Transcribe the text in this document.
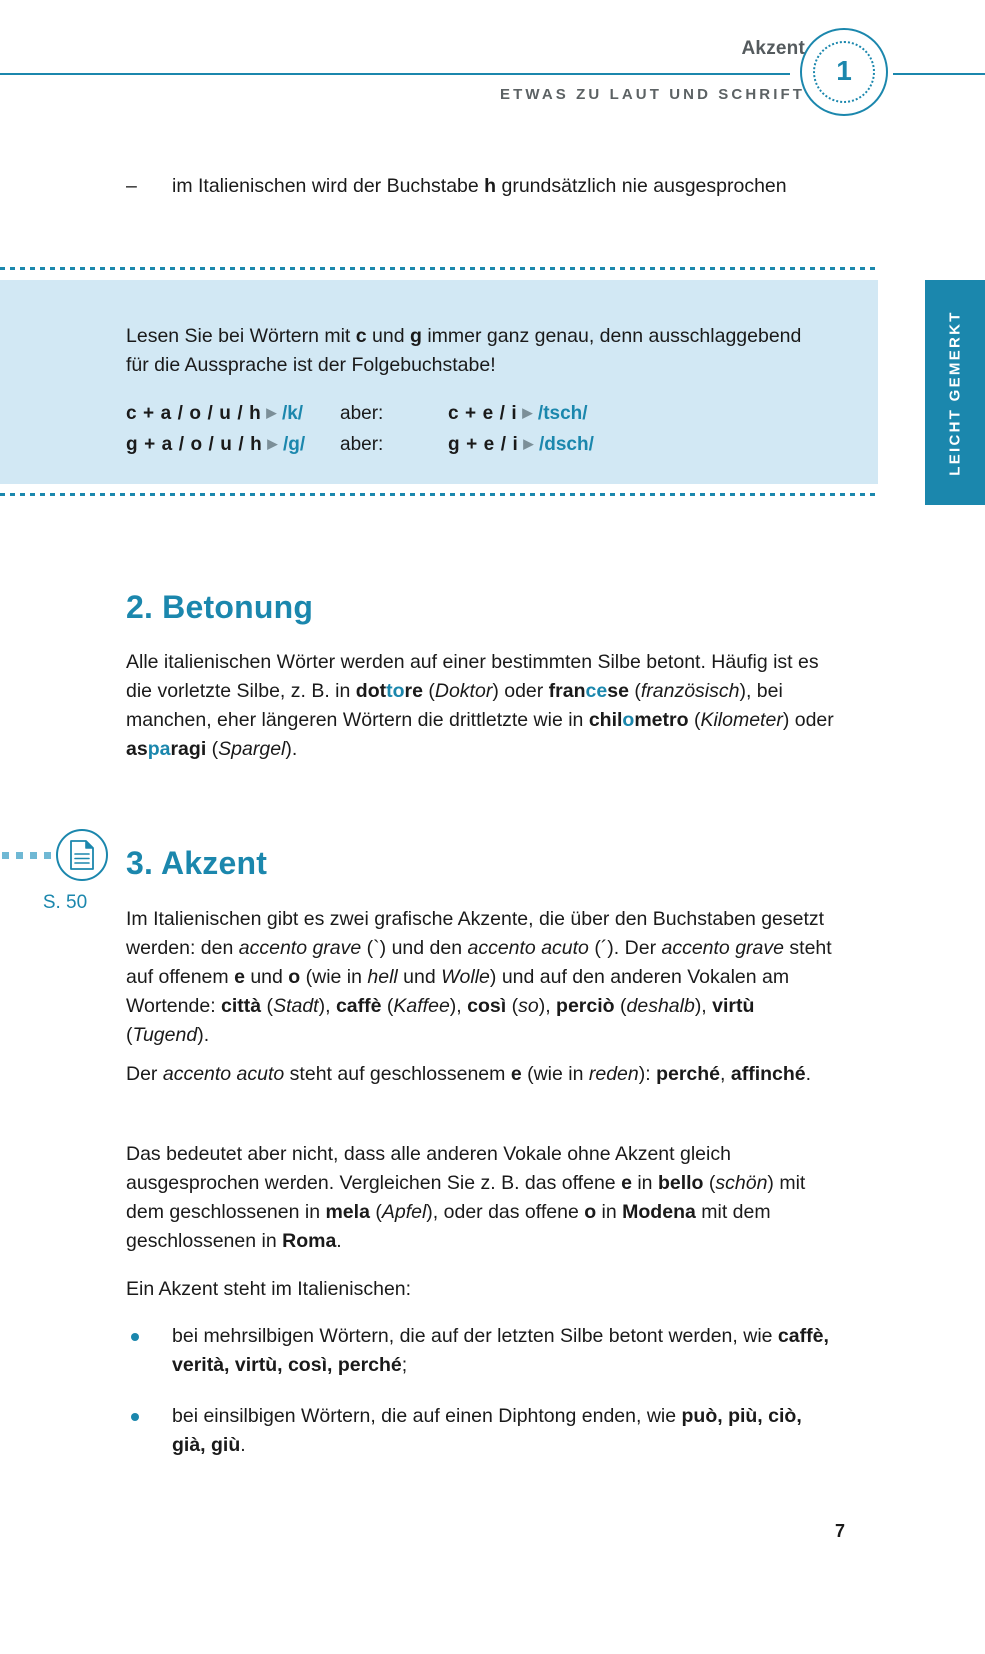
Akzent
ETWAS ZU LAUT UND SCHRIFT
1
– im Italienischen wird der Buchstabe h grundsätzlich nie ausgesprochen
Lesen Sie bei Wörtern mit c und g immer ganz genau, denn ausschlaggebend für die Aussprache ist der Folgebuchstabe!
c + a / o / u / h ▶ /k/	aber:	c + e / i ▶ /tsch/
g + a / o / u / h ▶ /g/	aber:	g + e / i ▶ /dsch/	LEICHT GEMERKT
2. Betonung
Alle italienischen Wörter werden auf einer bestimmten Silbe betont. Häufig ist es die vorletzte Silbe, z. B. in dottore (Doktor) oder francese (französisch), bei manchen, eher längeren Wörtern die drittletzte wie in chilometro (Kilometer) oder asparagi (Spargel).
S. 50
3. Akzent
Im Italienischen gibt es zwei grafische Akzente, die über den Buchstaben gesetzt werden: den accento grave (`) und den accento acuto (´). Der accento grave steht auf offenem e und o (wie in hell und Wolle) und auf den anderen Vokalen am Wortende: città (Stadt), caffè (Kaffee), così (so), perciò (deshalb), virtù (Tugend).
Der accento acuto steht auf geschlossenem e (wie in reden): perché, affinché.
Das bedeutet aber nicht, dass alle anderen Vokale ohne Akzent gleich ausgesprochen werden. Vergleichen Sie z. B. das offene e in bello (schön) mit dem geschlossenen in mela (Apfel), oder das offene o in Modena mit dem geschlossenen in Roma.
Ein Akzent steht im Italienischen:
bei mehrsilbigen Wörtern, die auf der letzten Silbe betont werden, wie caffè, verità, virtù, così, perché;
bei einsilbigen Wörtern, die auf einen Diphtong enden, wie può, più, ciò, già, giù.
7
